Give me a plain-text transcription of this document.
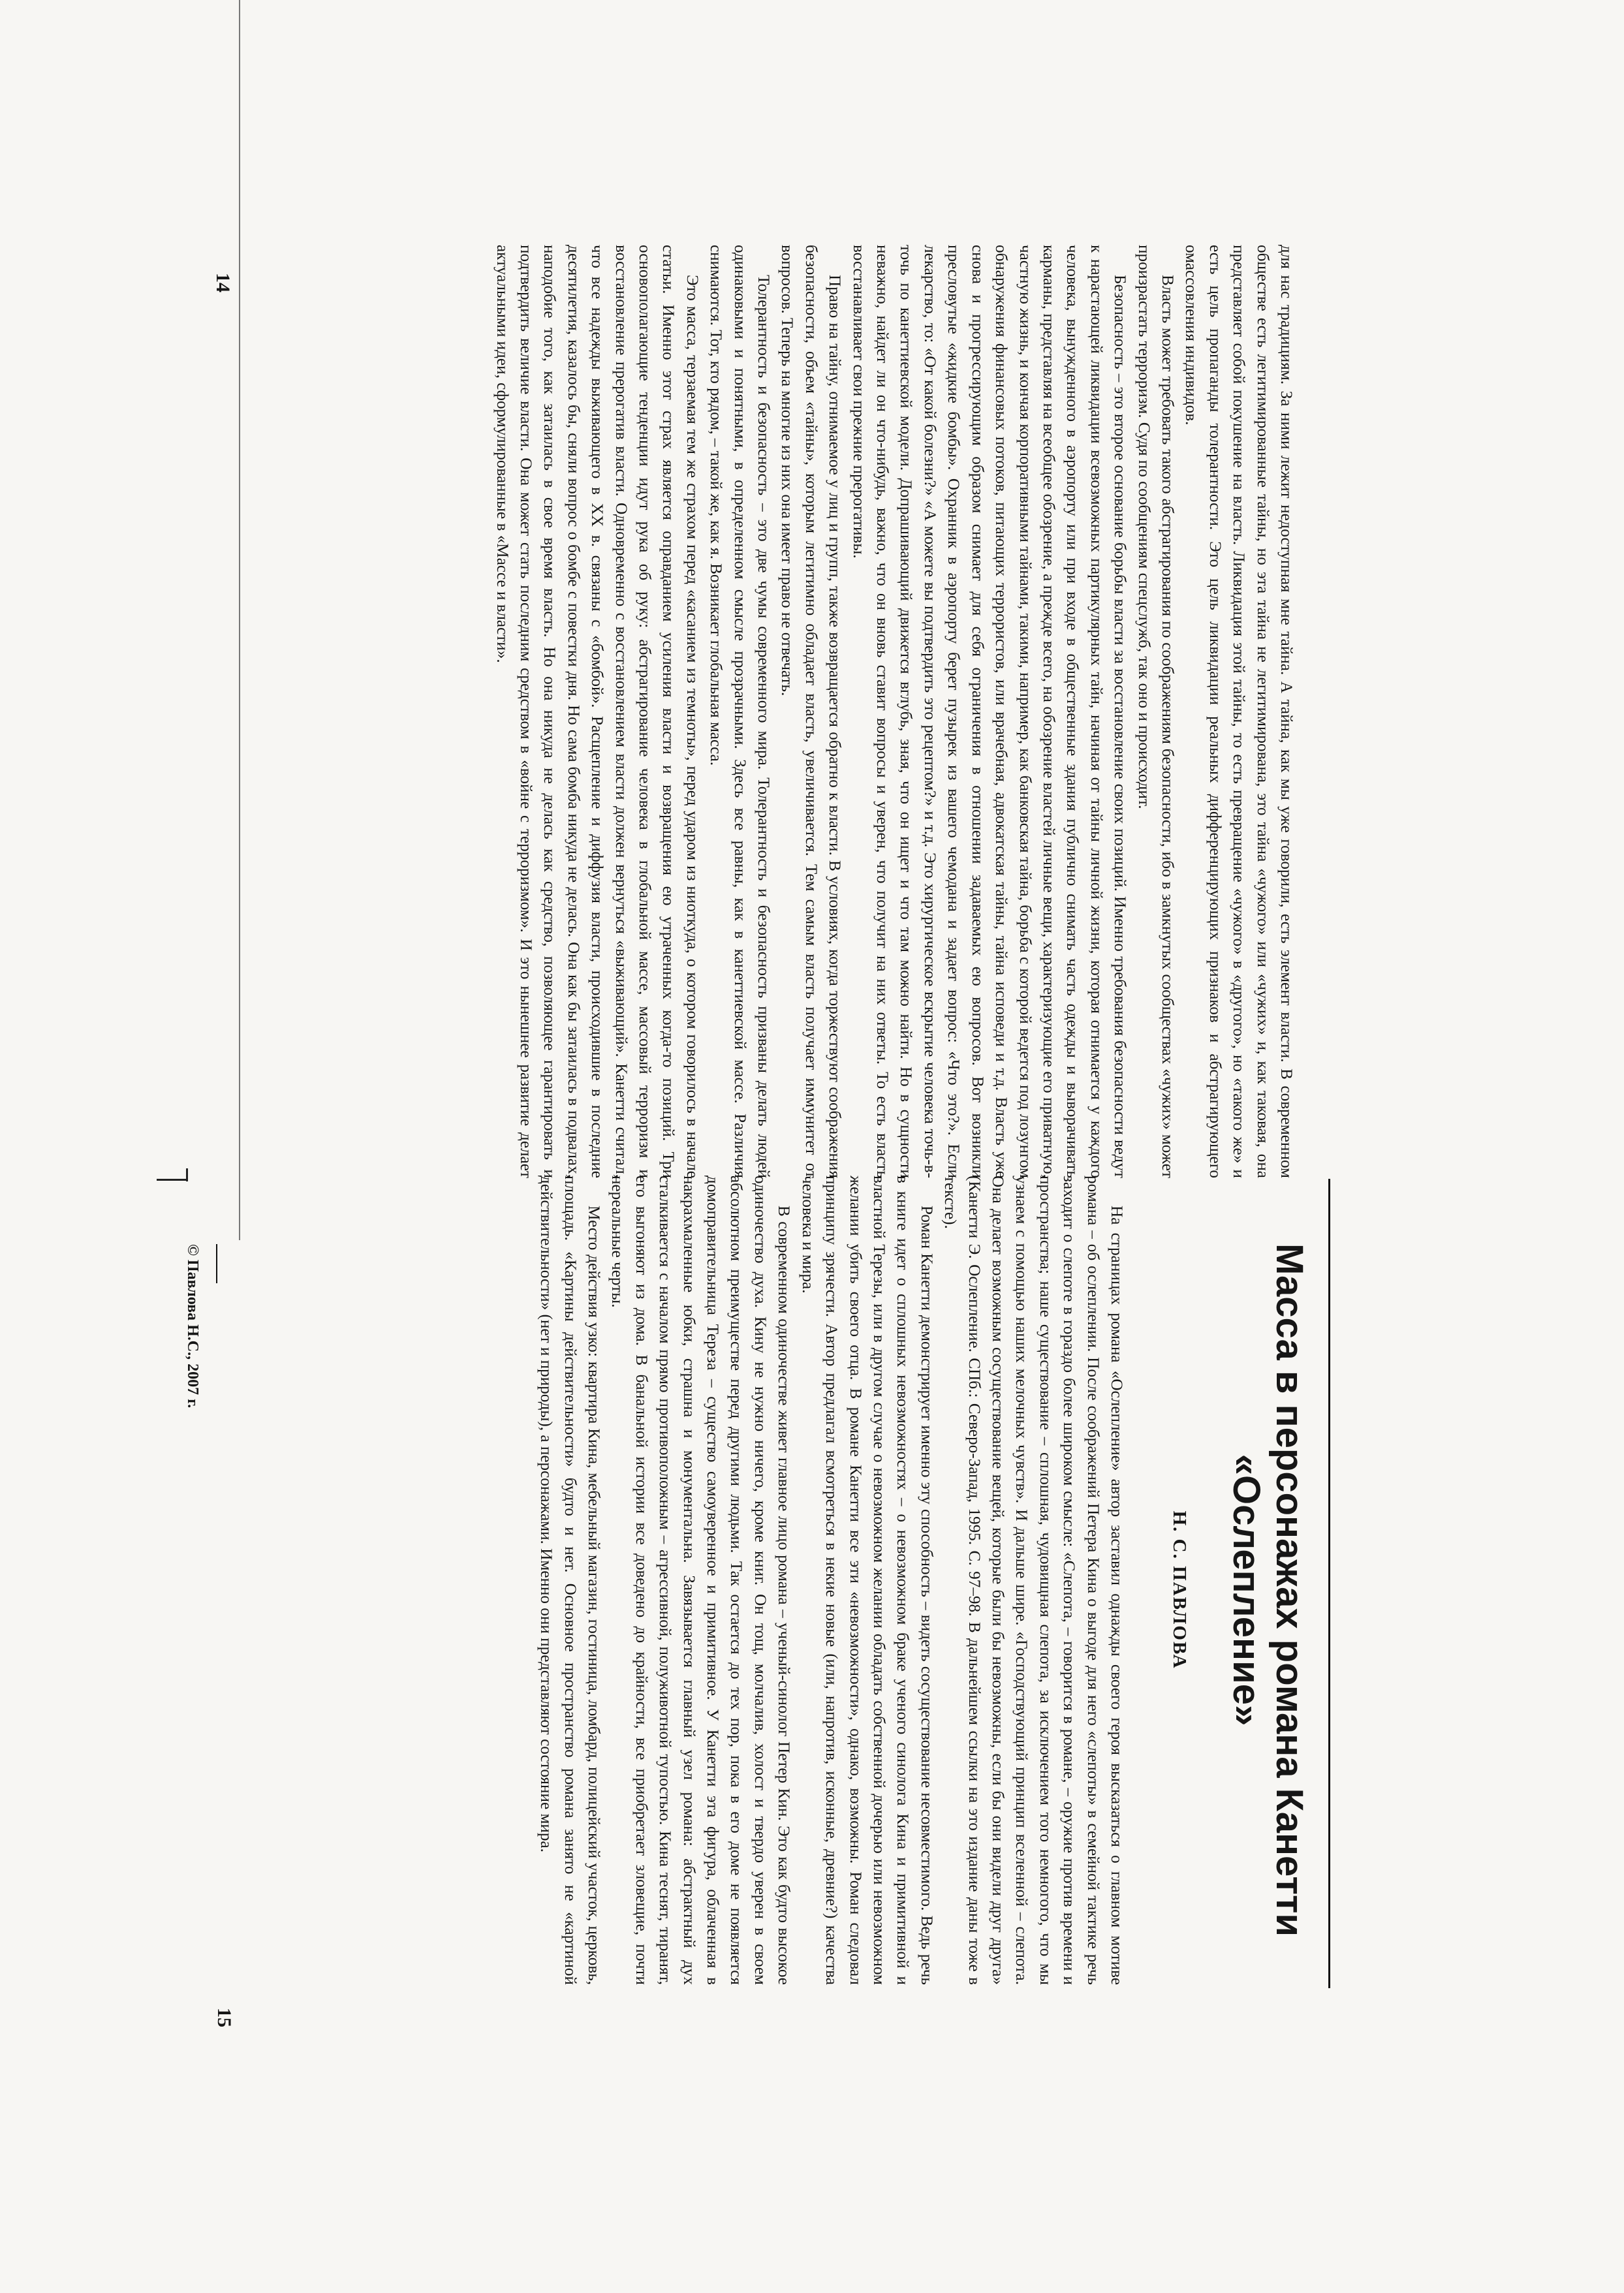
для нас традициям. За ними лежит недоступная мне тайна. А тайна, как мы уже говорили, есть элемент власти. В современном обществе есть легитимированные тайны, но эта тайна не легитимирована, это тайна «чужого» или «чужих» и, как таковая, она представляет собой покушение на власть. Ликвидация этой тайны, то есть превращение «чужого» в «другого», но «такого же» и есть цель пропаганды толерантности. Это цель ликвидации реальных дифференцирующих признаков и абстрагирующего омассовления индивидов.

Власть может требовать такого абстрагирования по соображениям безопасности, ибо в замкнутых сообществах «чужих» может произрастать терроризм. Судя по сообщениям спецслужб, так оно и происходит.

Безопасность – это второе основание борьбы власти за восстановление своих позиций. Именно требования безопасности ведут к нарастающей ликвидации всевозможных партикулярных тайн, начиная от тайны личной жизни, которая отнимается у каждого человека, вынужденного в аэропорту или при входе в общественные здания публично снимать часть одежды и выворачивать карманы, представляя на всеобщее обозрение, а прежде всего, на обозрение властей личные вещи, характеризующие его приватную, частную жизнь, и кончая корпоративными тайнами, такими, например, как банковская тайна, борьба с которой ведется под лозунгом обнаружения финансовых потоков, питающих террористов, или врачебная, адвокатская тайны, тайна исповеди и т.д. Власть уже снова и прогрессирующим образом снимает для себя ограничения в отношении задаваемых ею вопросов. Вот возникли пресловутые «жидкие бомбы». Охранник в аэропорту берет пузырек из вашего чемодана и задает вопрос: «Что это?». Если лекарство, то: «От какой болезни?» «А можете вы подтвердить это рецептом?» и т.д. Это хирургическое вскрытие человека точь-в-точь по канеттиевской модели. Допрашивающий движется вглубь, зная, что он ищет и что там можно найти. Но в сущности неважно, найдет ли он что-нибудь, важно, что он вновь ставит вопросы и уверен, что получит на них ответы. То есть власть восстанавливает свои прежние прерогативы.

Право на тайну, отнимаемое у лиц и групп, также возвращается обратно к власти. В условиях, когда торжествуют соображения безопасности, объем «тайны», которым легитимно обладает власть, увеличивается. Тем самым власть получает иммунитет от вопросов. Теперь на многие из них она имеет право не отвечать.

Толерантность и безопасность – это две чумы современного мира. Толерантность и безопасность призваны делать людей одинаковыми и понятными, в определенном смысле прозрачными. Здесь все равны, как в канеттиевской массе. Различия снимаются. Тот, кто рядом, – такой же, как я. Возникает глобальная масса.

Это масса, терзаемая тем же страхом перед «касанием из темноты», перед ударом из ниоткуда, о котором говорилось в начале статьи. Именно этот страх является оправданием усиления власти и возвращения ею утраченных когда-то позиций. Три основополагающие тенденции идут рука об руку: абстрагирование человека в глобальной массе, массовый терроризм и восстановление прерогатив власти. Одновременно с восстановлением власти должен вернуться «выживающий». Канетти считал, что все надежды выживающего в XX в. связаны с «бомбой». Расщепление и диффузия власти, происходившие в последние десятилетия, казалось бы, сняли вопрос о бомбе с повестки дня. Но сама бомба никуда не делась. Она как бы затаилась в подвалах, наподобие того, как затаилась в свое время власть. Но она никуда не делась как средство, позволяющее гарантировать и подтвердить величие власти. Она может стать последним средством в «войне с терроризмом». И это нынешнее развитие делает актуальными идеи, сформулированные в «Массе и власти».

14
Масса в персонажах романа Канетти «Ослепление»
Н. С. ПАВЛОВА

На страницах романа «Ослепление» автор заставил однажды своего героя высказаться о главном мотиве романа – об ослеплении. После соображений Петера Кина о выгоде для него «слепоты» в семейной тактике речь заходит о слепоте в гораздо более широком смысле: «Слепота, – говорится в романе, – оружие против времени и пространства; наше существование – сплошная, чудовищная слепота, за исключением того немногого, что мы узнаем с помощью наших мелочных чувств». И дальше шире. «Господствующий принцип вселенной – слепота. Она делает возможным сосуществование вещей, которые были бы невозможны, если бы они видели друг друга» (Канетти Э. Ослепление. СПб.: Северо-Запад, 1995. С. 97–98. В дальнейшем ссылки на это издание даны тоже в тексте).

Роман Канетти демонстрирует именно эту способность – видеть сосуществование несовместимого. Ведь речь в книге идет о сплошных невозможностях – о невозможном браке ученого синолога Кина и примитивной и властной Терезы, или в другом случае о невозможном желании обладать собственной дочерью или невозможном желании убить своего отца. В романе Канетти все эти «невозможности», однако, возможны. Роман следовал принципу зрячести. Автор предлагал всмотреться в некие новые (или, напротив, исконные, древние?) качества человека и мира.

В современном одиночестве живет главное лицо романа – ученый-синолог Петер Кин. Это как будто высокое одиночество духа. Кину не нужно ничего, кроме книг. Он тощ, молчалив, холост и твердо уверен в своем абсолютном преимуществе перед другими людьми. Так остается до тех пор, пока в его доме не появляется домоправительница Тереза – существо самоуверенное и примитивное. У Канетти эта фигура, облаченная в накрахмаленные юбки, страшна и монументальна. Завязывается главный узел романа: абстрактный дух сталкивается с началом прямо противоположным – агрессивной, полуживотной тупостью. Кина теснят, тиранят, его выгоняют из дома. В банальной истории все доведено до крайности, все приобретает зловещие, почти нереальные черты.

Место действия узко: квартира Кина, мебельный магазин, гостиница, ломбард, полицейский участок, церковь, площадь. «Картины действительности» будто и нет. Основное пространство романа занято не «картиной действительности» (нет и природы), а персонажами. Именно они представляют состояние мира.

© Павлова Н.С., 2007 г.
15
